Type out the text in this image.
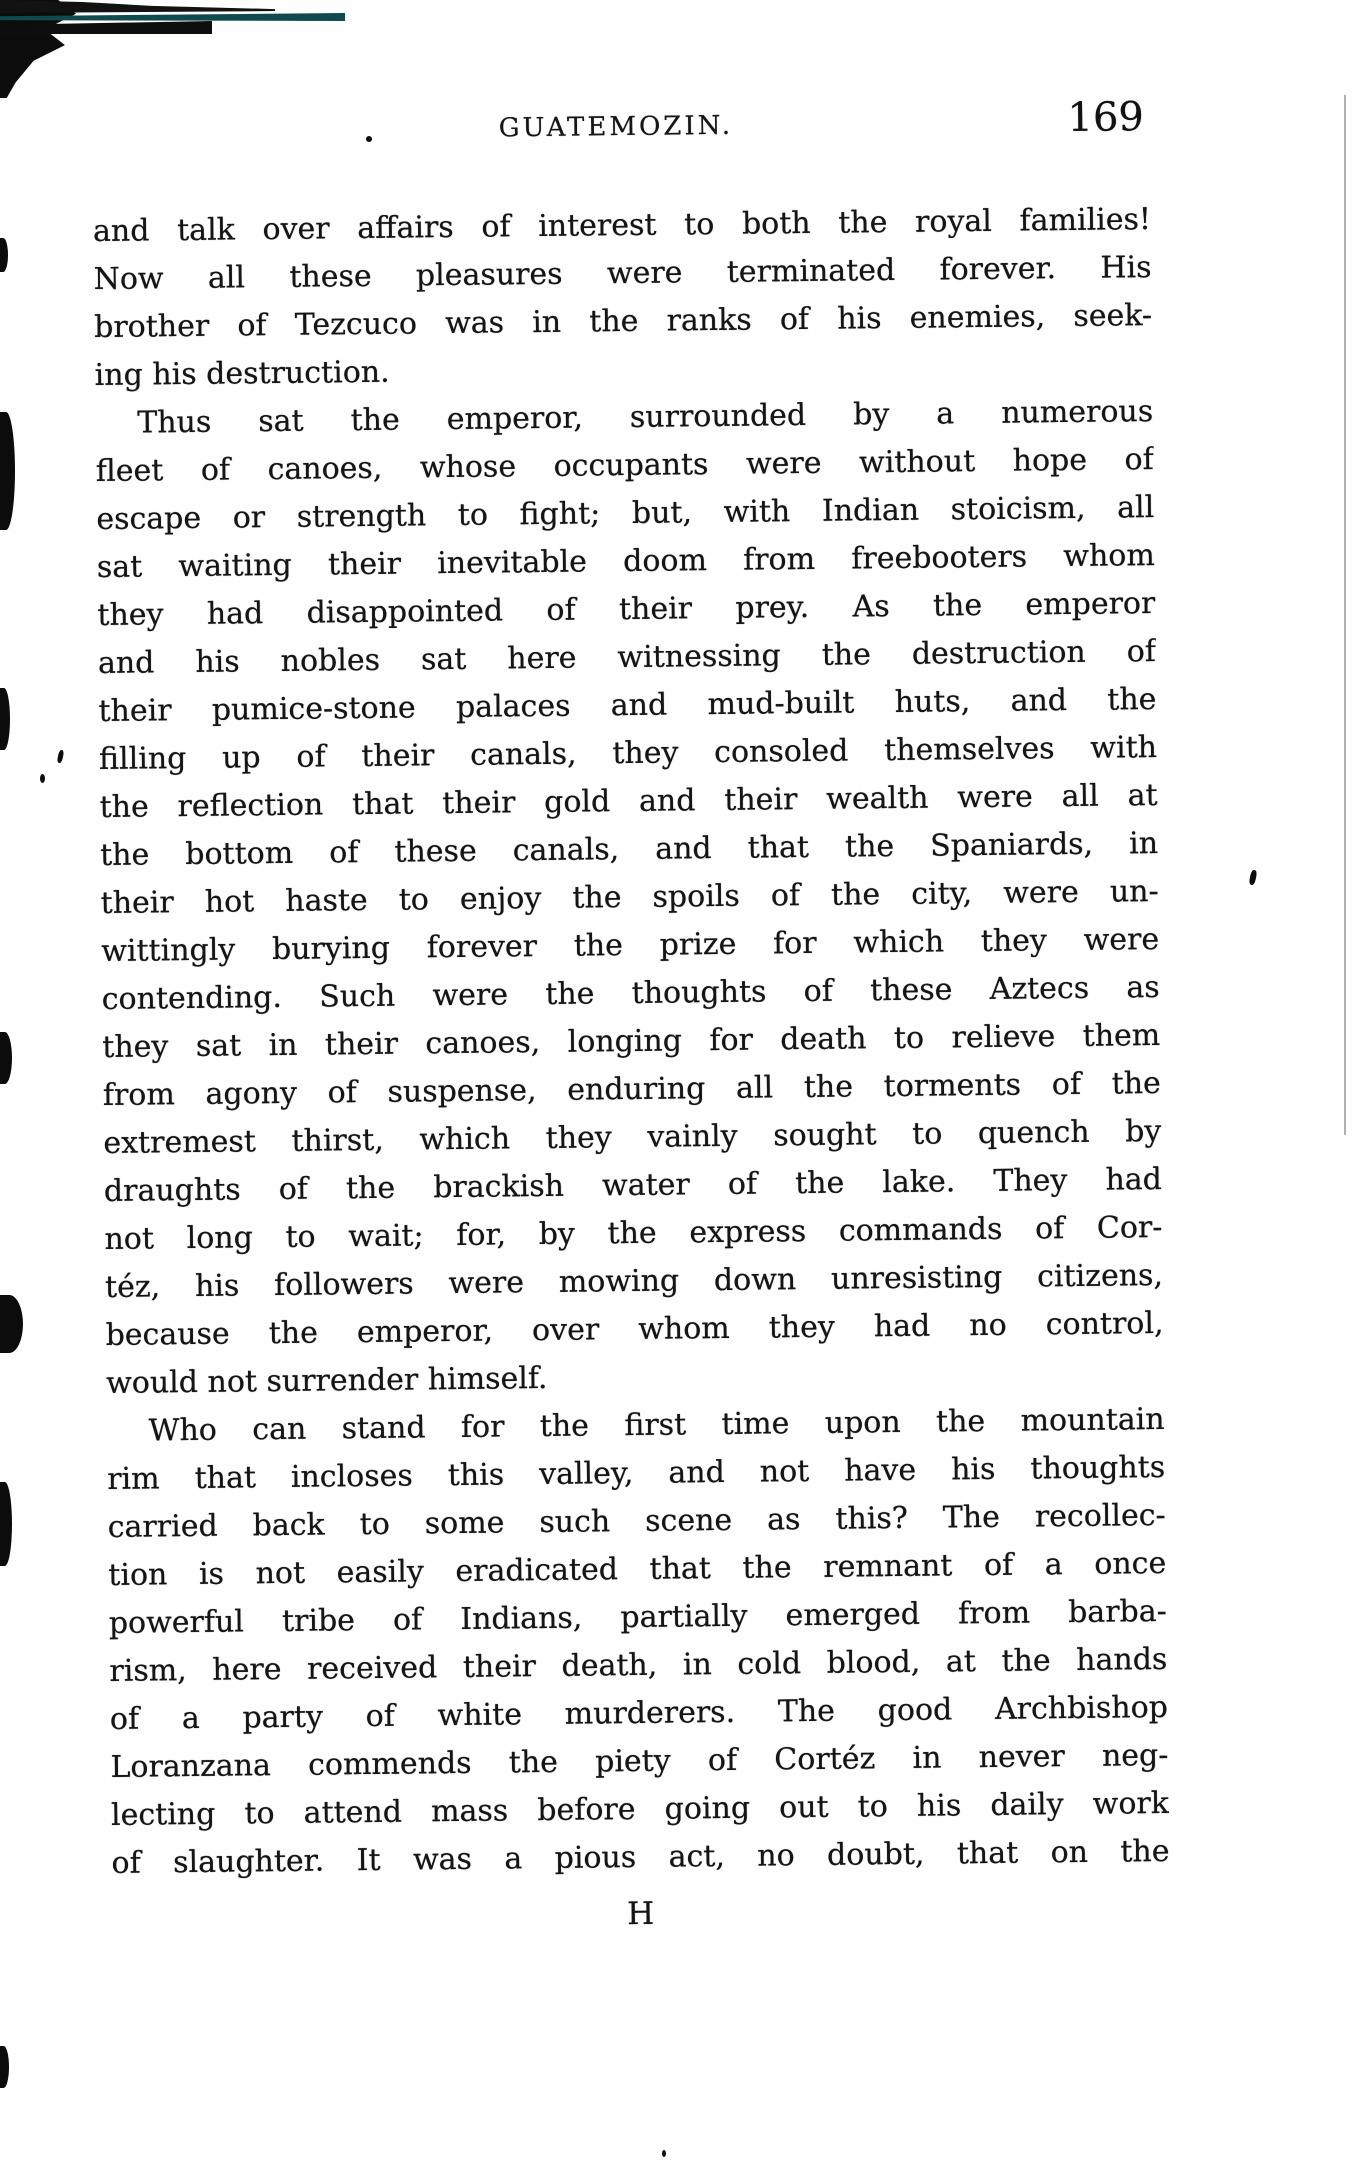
GUATEMOZIN.	169
and talk over affairs of interest to both the royal families!
Now all these pleasures were terminated forever. His
brother of Tezcuco was in the ranks of his enemies, seek-
ing his destruction.
Thus sat the emperor, surrounded by a numerous
fleet of canoes, whose occupants were without hope of
escape or strength to fight; but, with Indian stoicism, all
sat waiting their inevitable doom from freebooters whom
they had disappointed of their prey. As the emperor
and his nobles sat here witnessing the destruction of
their pumice-stone palaces and mud-built huts, and the
filling up of their canals, they consoled themselves with
the reflection that their gold and their wealth were all at
the bottom of these canals, and that the Spaniards, in
their hot haste to enjoy the spoils of the city, were un-
wittingly burying forever the prize for which they were
contending. Such were the thoughts of these Aztecs as
they sat in their canoes, longing for death to relieve them
from agony of suspense, enduring all the torments of the
extremest thirst, which they vainly sought to quench by
draughts of the brackish water of the lake. They had
not long to wait; for, by the express commands of Cor-
téz, his followers were mowing down unresisting citizens,
because the emperor, over whom they had no control,
would not surrender himself.
Who can stand for the first time upon the mountain
rim that incloses this valley, and not have his thoughts
carried back to some such scene as this? The recollec-
tion is not easily eradicated that the remnant of a once
powerful tribe of Indians, partially emerged from barba-
rism, here received their death, in cold blood, at the hands
of a party of white murderers. The good Archbishop
Loranzana commends the piety of Cortéz in never neg-
lecting to attend mass before going out to his daily work
of slaughter. It was a pious act, no doubt, that on the
H
